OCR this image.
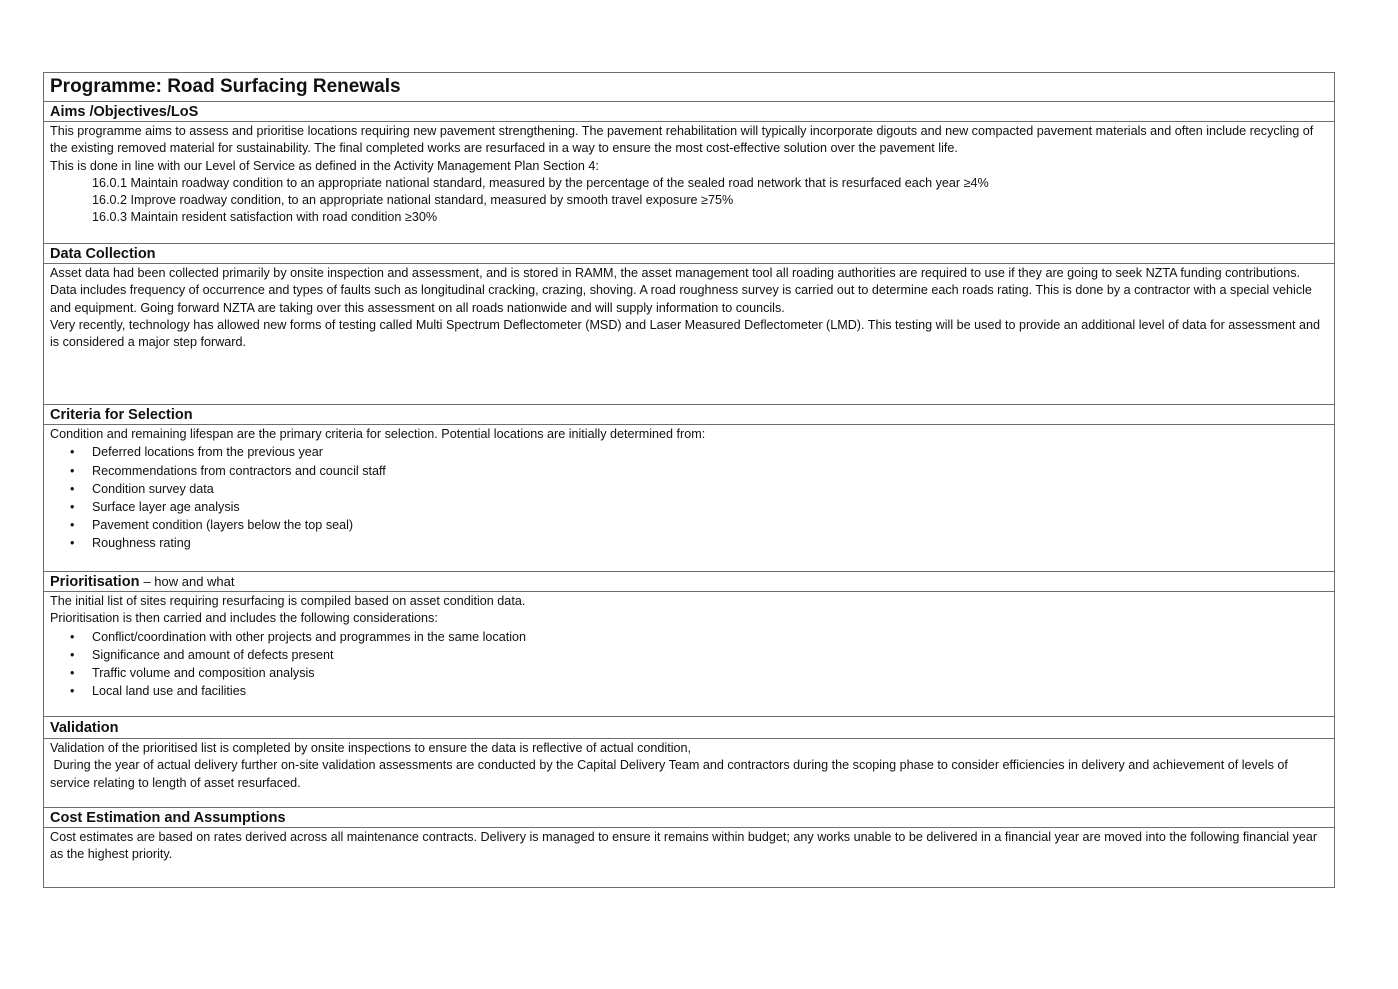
Programme: Road Surfacing Renewals
Aims /Objectives/LoS

This programme aims to assess and prioritise locations requiring new pavement strengthening. The pavement rehabilitation will typically incorporate digouts and new compacted pavement materials and often include recycling of the existing removed material for sustainability. The final completed works are resurfaced in a way to ensure the most cost-effective solution over the pavement life.

This is done in line with our Level of Service as defined in the Activity Management Plan Section 4:

16.0.1 Maintain roadway condition to an appropriate national standard, measured by the percentage of the sealed road network that is resurfaced each year ≥4%
16.0.2 Improve roadway condition, to an appropriate national standard, measured by smooth travel exposure ≥75%
16.0.3 Maintain resident satisfaction with road condition ≥30%
Data Collection

Asset data had been collected primarily by onsite inspection and assessment, and is stored in RAMM, the asset management tool all roading authorities are required to use if they are going to seek NZTA funding contributions.

Data includes frequency of occurrence and types of faults such as longitudinal cracking, crazing, shoving. A road roughness survey is carried out to determine each roads rating. This is done by a contractor with a special vehicle and equipment. Going forward NZTA are taking over this assessment on all roads nationwide and will supply information to councils.

Very recently, technology has allowed new forms of testing called Multi Spectrum Deflectometer (MSD) and Laser Measured Deflectometer (LMD). This testing will be used to provide an additional level of data for assessment and is considered a major step forward.

Criteria for Selection

Condition and remaining lifespan are the primary criteria for selection. Potential locations are initially determined from:

• Deferred locations from the previous year
• Recommendations from contractors and council staff
• Condition survey data
• Surface layer age analysis
• Pavement condition (layers below the top seal)
• Roughness rating
Prioritisation – how and what

The initial list of sites requiring resurfacing is compiled based on asset condition data.

Prioritisation is then carried and includes the following considerations:

• Conflict/coordination with other projects and programmes in the same location
• Significance and amount of defects present
• Traffic volume and composition analysis
• Local land use and facilities
Validation

Validation of the prioritised list is completed by onsite inspections to ensure the data is reflective of actual condition,

During the year of actual delivery further on-site validation assessments are conducted by the Capital Delivery Team and contractors during the scoping phase to consider efficiencies in delivery and achievement of levels of service relating to length of asset resurfaced.

Cost Estimation and Assumptions

Cost estimates are based on rates derived across all maintenance contracts. Delivery is managed to ensure it remains within budget; any works unable to be delivered in a financial year are moved into the following financial year as the highest priority.
